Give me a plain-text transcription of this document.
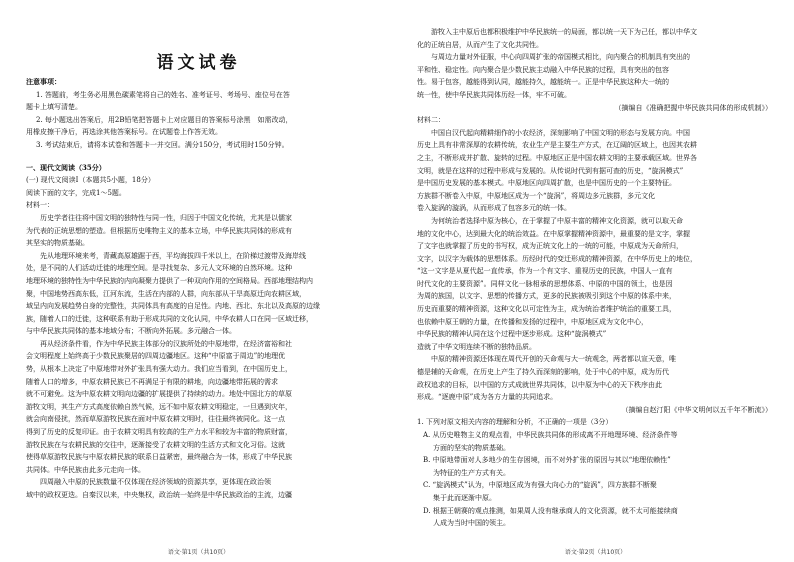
语文试卷

注意事项：

1. 答题前，考生务必用黑色碳素笔将自己的姓名、准考证号、考场号、座位号在答
题卡上填写清楚。
2. 每小题选出答案后，用2B铅笔把答题卡上对应题目的答案标号涂黑　如需改动，
用橡皮擦干净后，再选涂其他答案标号。在试题卷上作答无效。
3. 考试结束后，请将本试卷和答题卡一并交回。满分150分，考试用时150分钟。

一、现代文阅读（35分）

(一) 现代文阅读Ⅰ（本题共5小题，18分）

阅读下面的文字，完成1～5题。

材料一：

历史学者往往将中国文明的独特性与同一性，归因于中国文化传统，尤其是以儒家
为代表的正统思想的塑造。但根据历史唯物主义的基本立场，中华民族共同体的形成有
其坚实的物质基础。
先从地理环境来考，青藏高原雄踞于西，平均海拔四千米以上，在阶梯过渡带及海岸线
处，是不同的人们活动迁徙的地理空间。是寻找复杂、多元人文环境的自然环境。这种
地理环境的独特性为中华民族的内向凝聚力提供了一种双向作用的空间格局。西部地理结构内
聚，中国地势西高东低，江河东流，生活在内部的人群，向东部从干旱高原迁向农耕区域，
域呈内向发展趋势自身的完整性，共同体具有高度的自足性。内地、西北、东北以及高原的边缘
族，随着人口的迁徙，这种联系有助于形成共同的文化认同，中华农耕人口在同一区域迁移，
与中华民族共同体的基本地域分布；不断向外拓展。多元融合一体。
再从经济条件看，作为中华民族主体部分的汉族所处的中原地带，在经济富裕和社
会文明程度上始终高于少数民族聚居的四周边疆地区。这种“中原富于周边”的地理优
势，从根本上决定了中原地带对外扩张具有强大动力。我们应当看到，在中国历史上，
随着人口的增多，中原农耕民族已不再满足于有限的耕地，向边疆地带拓展的需求
就不可避免。这为中原农耕文明向边疆的扩展提供了持续的动力。地处中国北方的草原
游牧文明，其生产方式高度依赖自然气候，远不如中原农耕文明稳定，一旦遇到灾年，
就会向南侵扰，然而草原游牧民族在面对中原农耕文明时，往往最终被同化。这一点
得到了历史的反复印证。由于农耕文明具有较高的生产力水平和较为丰富的物质财富，
游牧民族在与农耕民族的交往中，逐渐接受了农耕文明的生活方式和文化习俗。这就
使得草原游牧民族与中原农耕民族的联系日益紧密，最终融合为一体，形成了中华民族
共同体。中华民族由此多元走向一体。
四周融入中原的民族数量不仅体现在经济领域的资源共享，更体现在政治领
域中的政权更迭。自秦汉以来，中央集权，政治统一始终是中华民族政治的主流，边疆
语文·第1页（共10页）
游牧入主中原后也都积极维护中华民族统一的局面，都以统一天下为己任，都以中华文
化的正统自居，从而产生了文化共同性。
与周边力量对外征服，中心向四周扩张的帝国模式相比，向内聚合的机制具有突出的
平和性、稳定性。向内聚合是少数民族主动融入中华民族的过程，具有突出的包容
性。易于包容，越能得到认同，越能持久，越能统一。正是中华民族这种大一统的
统一性，使中华民族共同体历经一体，牢不可破。

（摘编自《准确把握中华民族共同体的形成机制》）

材料二：

中国自汉代起向精耕细作的小农经济，深刻影响了中国文明的形态与发展方向。中国
历史上具有非常深厚的农耕传统，农业生产是主要生产方式，在辽阔的区域上，也因其农耕
之主，不断形成并扩散、旋转的过程。中原地区正是中国农耕文明的主要承载区域。世界各
文明，就是在这样的过程中形成与发展的。从传说时代到有据可查的历史，“旋涡模式”
是中国历史发展的基本模式。中原地区向四周扩散，也是中国历史的一个主要特征。
方族群不断卷入中原，中原地区成为一个“旋涡”，将周边多元族群，多元文化
卷入旋涡的漩涡，从而形成了包容多元的统一体。
为何统治者选择中原为核心，在于掌握了中原丰富的精神文化资源，就可以取天命
地的文化中心，达到最大化的统治效益。在中原掌握精神资源中，最重要的是文字，掌握
了文字也就掌握了历史的书写权，成为正统文化上的一统的可能，中原成为天命所归，
文字，以汉字为载体的思想体系。历经时代的变迁形成的精神资源，在中华历史上的地位，
“这一文字是从夏代起一直传承，作为一个有文字、重视历史的民族，中国人一直有
时代文化的主要资源”。同样文化一脉相承的思想体系、中原的中国的领土，也是因
为周的族国，以文字、思想的传播方式，更多的民族被吸引到这个中原的体系中来，
历史而重要的精神资源，这种文化以可定性为主，成为统治者维护统治的重要工具，
也依赖中原王朝的力量，在传播和发扬的过程中，中原地区成为文化中心，
中华民族的精神认同在这个过程中逐步形成。这种“旋涡模式”
造就了中华文明连续不断的独特品质。
中原的精神资源还体现在周代开创的天命观与大一统观念，两者都以宣天意，唯
德是辅的天命观，在历史上产生了持久而深刻的影响，处于中心的中原，成为历代
政权追求的目标，以中国的方式成就世界共同体，以中原为中心的天下秩序由此
形成。“逐鹿中原”成为各方力量的共同追求。

（摘编自赵汀阳《中华文明何以五千年不断流》）

1. 下列对原文相关内容的理解和分析，不正确的一项是（3分）

A. 从历史唯物主义的观点看，中华民族共同体的形成离不开地理环境、经济条件等
方面的坚实的物质基础。
B. 中原地带面对人多地少的生存困境，而不对外扩张的原因与其以“地理依赖性”
为特征的生产方式有关。
C. “旋涡模式”认为，中原地区成为有强大向心力的“旋涡”，四方族群不断聚
集于此而逐渐中原。
D. 根据王朝赛的观点推测，如果周人没有继承商人的文化资源，就不太可能接续商
人成为当时中国的领主。
语文·第2页（共10页）
